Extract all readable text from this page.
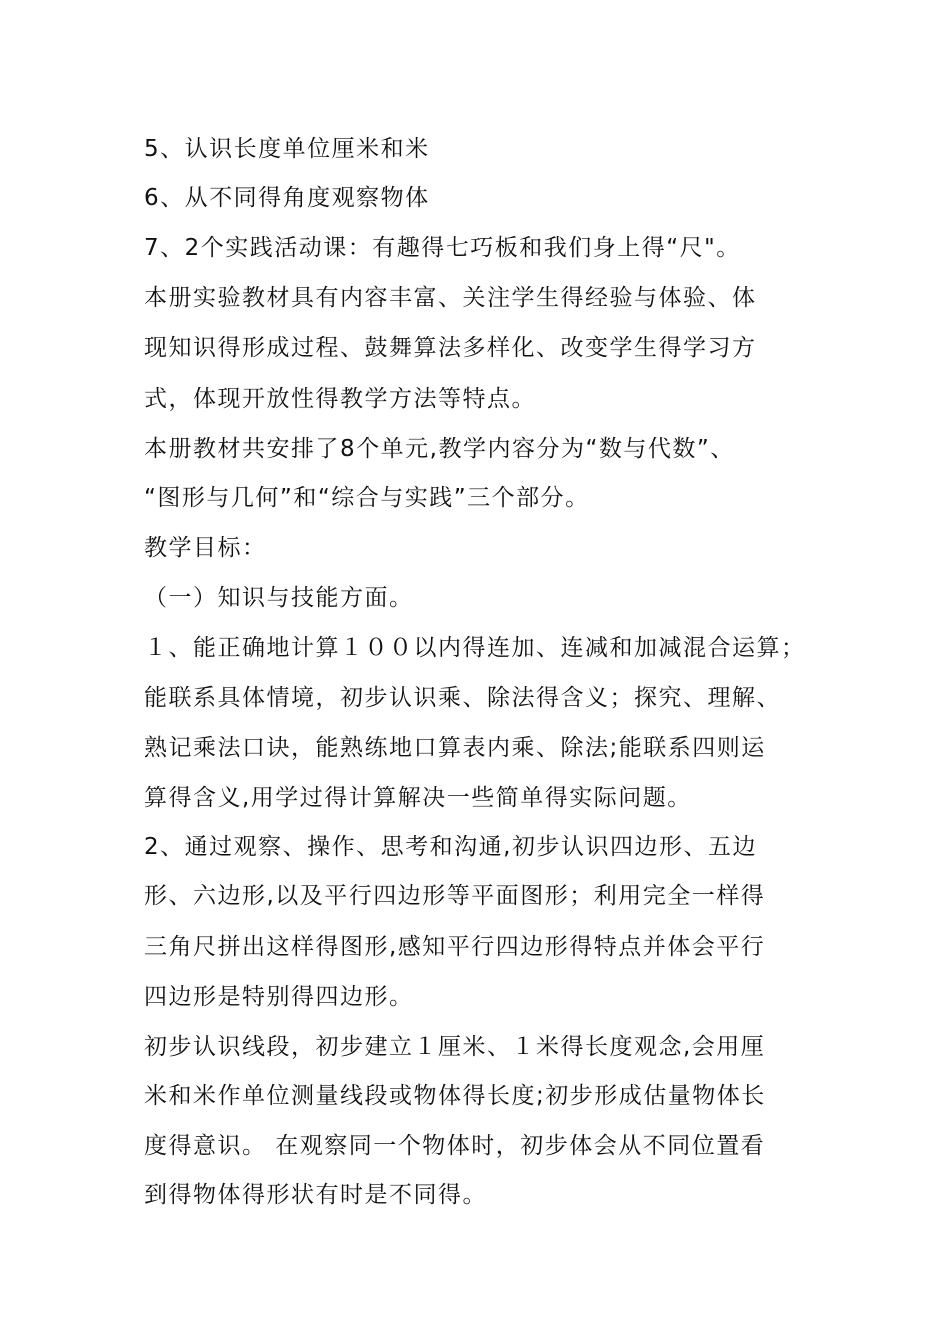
5、认识长度单位厘米和米
6、从不同得角度观察物体
7、2个实践活动课：有趣得七巧板和我们身上得“尺"。
本册实验教材具有内容丰富、关注学生得经验与体验、体
现知识得形成过程、鼓舞算法多样化、改变学生得学习方
式，体现开放性得教学方法等特点。
本册教材共安排了8个单元,教学内容分为“数与代数”、
“图形与几何”和“综合与实践”三个部分。
教学目标：
（一）知识与技能方面。
１、能正确地计算１００以内得连加、连减和加减混合运算；
能联系具体情境，初步认识乘、除法得含义；探究、理解、
熟记乘法口诀，能熟练地口算表内乘、除法;能联系四则运
算得含义,用学过得计算解决一些简单得实际问题。
2、通过观察、操作、思考和沟通,初步认识四边形、五边
形、六边形,以及平行四边形等平面图形；利用完全一样得
三角尺拼出这样得图形,感知平行四边形得特点并体会平行
四边形是特别得四边形。
初步认识线段，初步建立１厘米、１米得长度观念,会用厘
米和米作单位测量线段或物体得长度;初步形成估量物体长
度得意识。 在观察同一个物体时，初步体会从不同位置看
到得物体得形状有时是不同得。
